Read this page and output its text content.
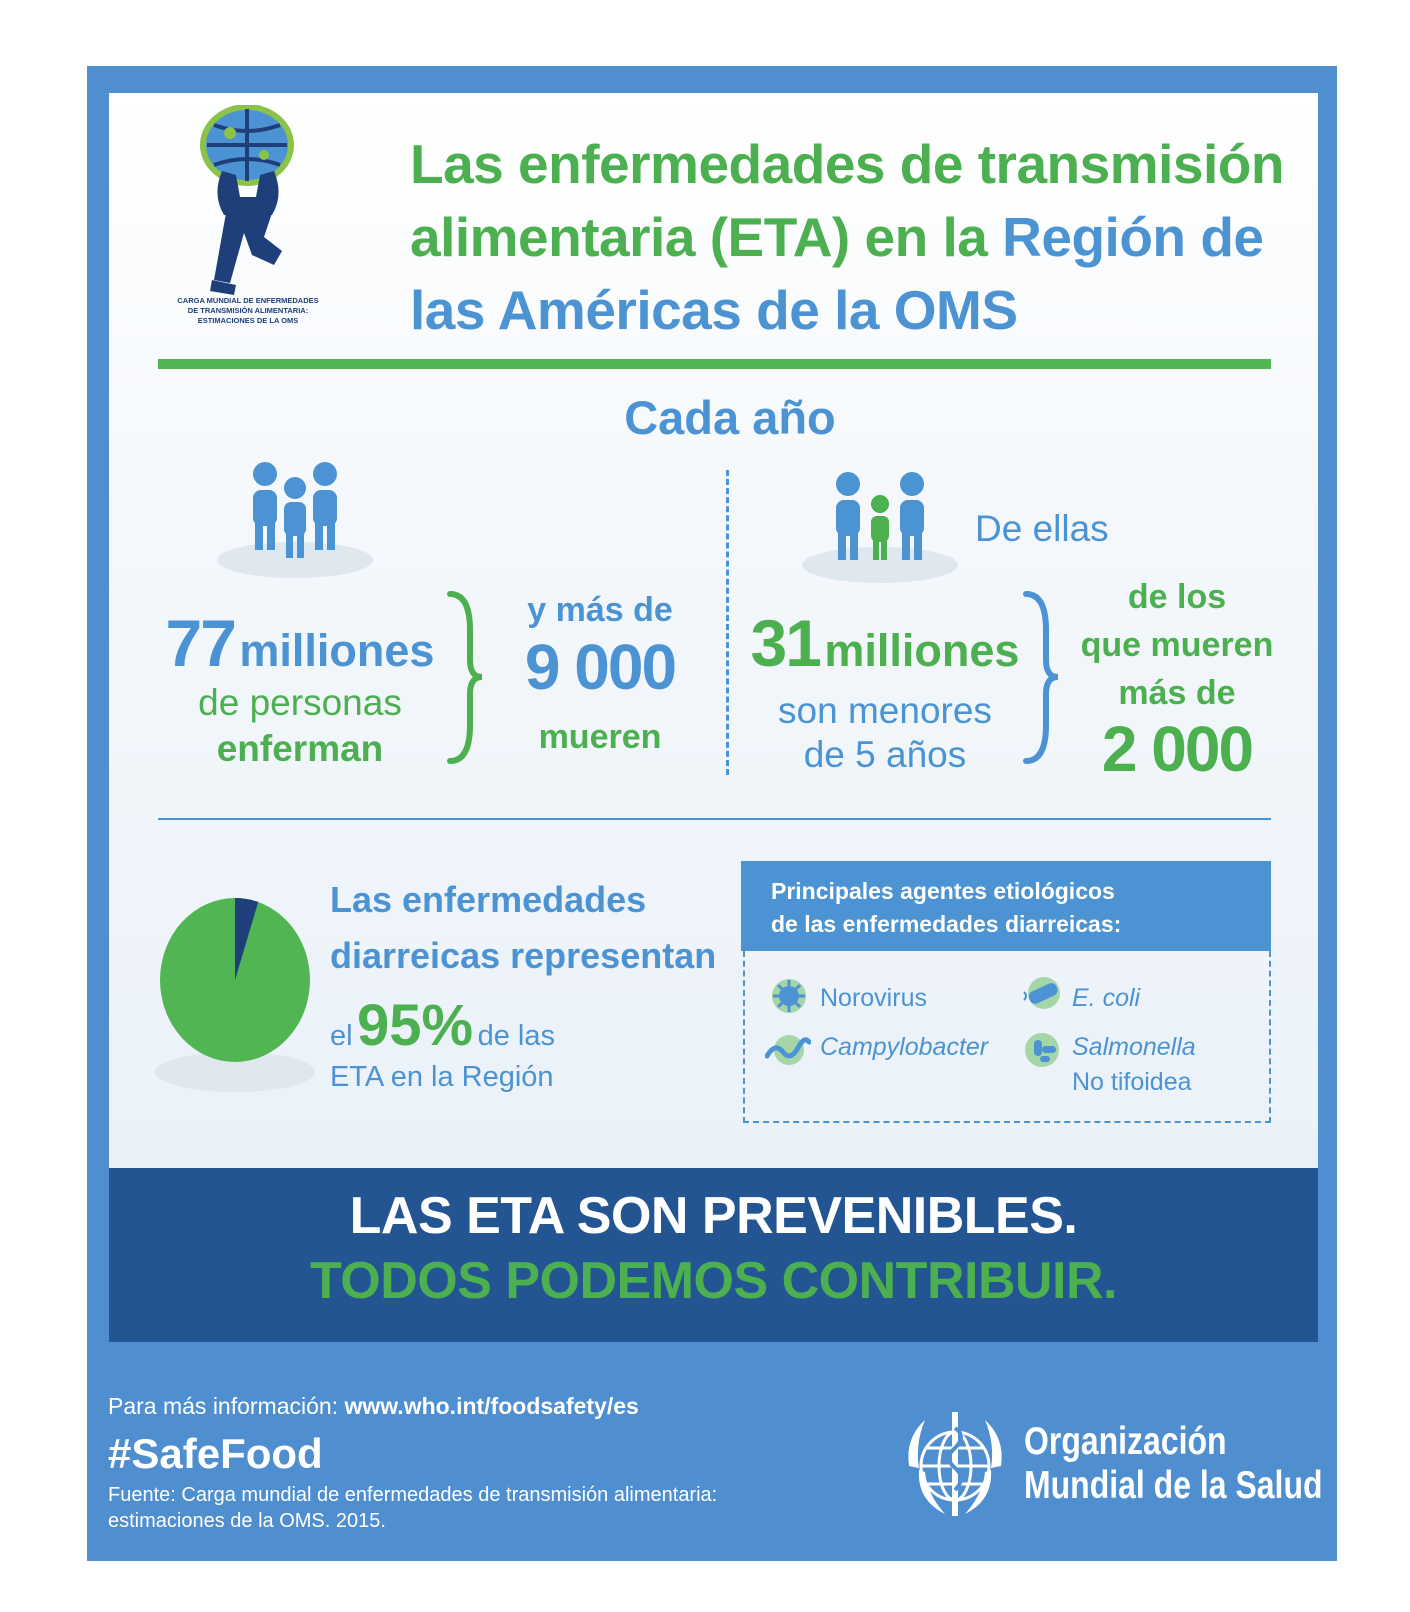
CARGA MUNDIAL DE ENFERMEDADES
DE TRANSMISIÓN ALIMENTARIA:
ESTIMACIONES DE LA OMS
Las enfermedades de transmisión alimentaria (ETA) en la Región de las Américas de la OMS
Cada año
77 milliones
de personas
enferman
y más de
9 000
mueren
De ellas
31 milliones
son menores
de 5 años
de los
que mueren
más de
2 000
Las enfermedades
diarreicas representan
el 95% de las
ETA en la Región
Principales agentes etiológicos
de las enfermedades diarreicas:
Norovirus	E. coli
Campylobacter	Salmonella
No tifoidea
LAS ETA SON PREVENIBLES.
TODOS PODEMOS CONTRIBUIR.
Para más información: www.who.int/foodsafety/es
#SafeFood
Fuente: Carga mundial de enfermedades de transmisión alimentaria:
estimaciones de la OMS. 2015.
Organización
Mundial de la Salud
